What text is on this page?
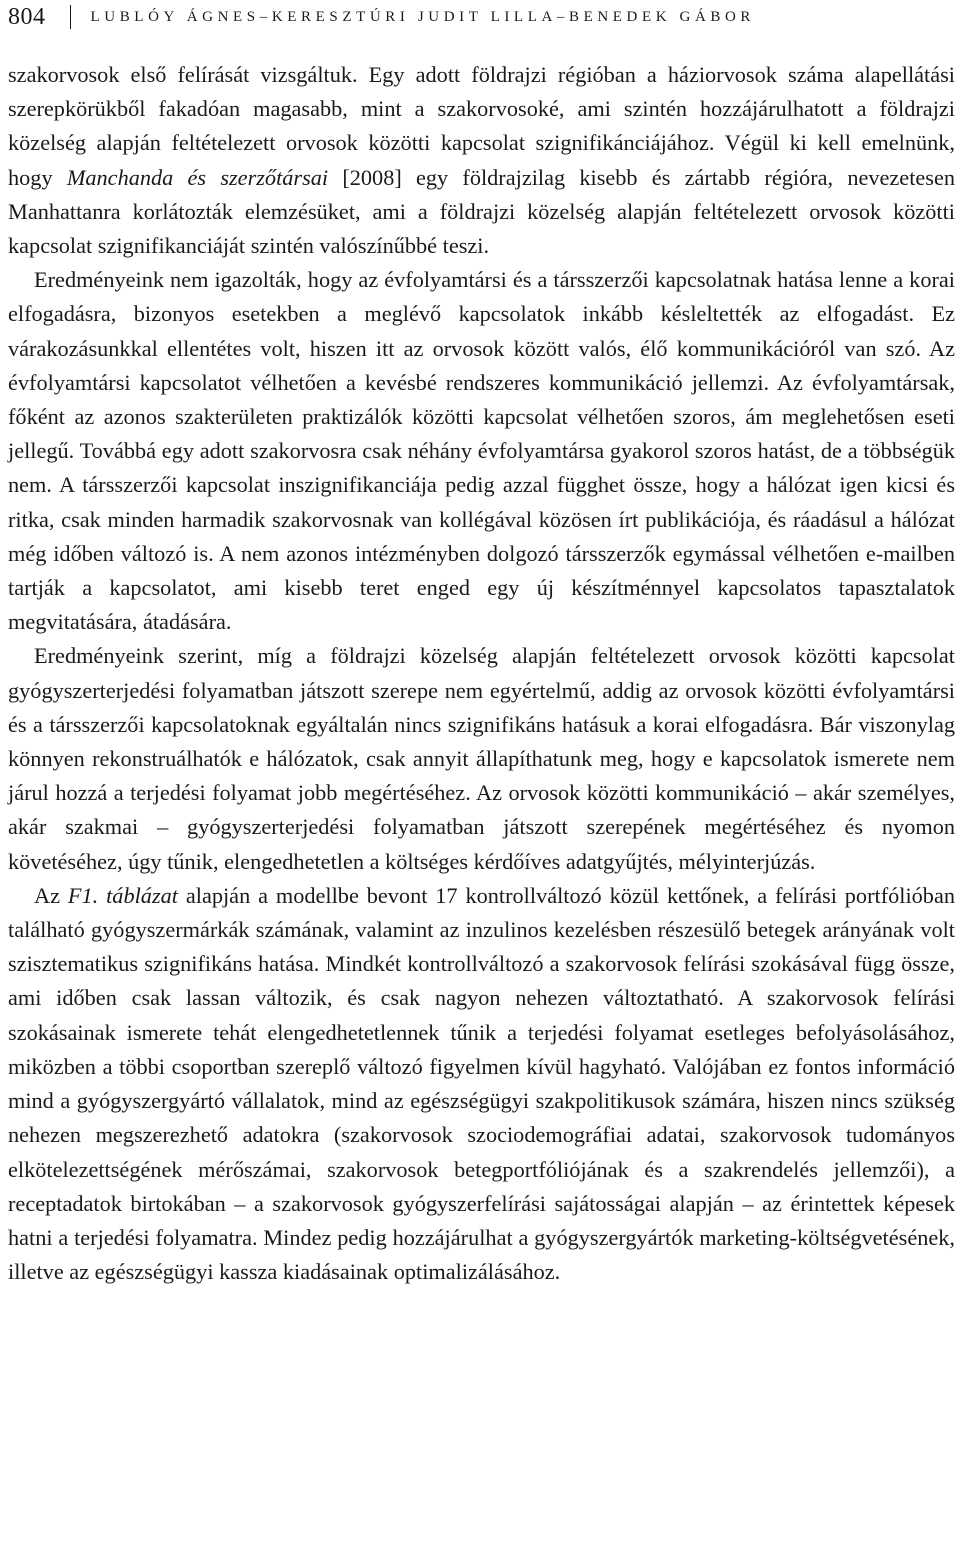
804	LUBLÓY ÁGNES–KERESZTÚRI JUDIT LILLA–BENEDEK GÁBOR

szakorvosok első felírását vizsgáltuk. Egy adott földrajzi régióban a háziorvosok száma alapellátási szerepkörükből fakadóan magasabb, mint a szakorvosoké, ami szintén hozzájárulhatott a földrajzi közelség alapján feltételezett orvosok közötti kapcsolat szignifikánciájához. Végül ki kell emelnünk, hogy Manchanda és szerzőtársai [2008] egy földrajzilag kisebb és zártabb régióra, nevezetesen Manhattanra korlátozták elemzésüket, ami a földrajzi közelség alapján feltételezett orvosok közötti kapcsolat szignifikanciáját szintén valószínűbbé teszi.

Eredményeink nem igazolták, hogy az évfolyamtársi és a társszerzői kapcsolatnak hatása lenne a korai elfogadásra, bizonyos esetekben a meglévő kapcsolatok inkább késleltették az elfogadást. Ez várakozásunkkal ellentétes volt, hiszen itt az orvosok között valós, élő kommunikációról van szó. Az évfolyamtársi kapcsolatot vélhetően a kevésbé rendszeres kommunikáció jellemzi. Az évfolyamtársak, főként az azonos szakterületen praktizálók közötti kapcsolat vélhetően szoros, ám meglehetősen eseti jellegű. Továbbá egy adott szakorvosra csak néhány évfolyamtársa gyakorol szoros hatást, de a többségük nem. A társszerzői kapcsolat inszignifikanciája pedig azzal függhet össze, hogy a hálózat igen kicsi és ritka, csak minden harmadik szakorvosnak van kollégával közösen írt publikációja, és ráadásul a hálózat még időben változó is. A nem azonos intézményben dolgozó társszerzők egymással vélhetően e-mailben tartják a kapcsolatot, ami kisebb teret enged egy új készítménnyel kapcsolatos tapasztalatok megvitatására, átadására.

Eredményeink szerint, míg a földrajzi közelség alapján feltételezett orvosok közötti kapcsolat gyógyszerterjedési folyamatban játszott szerepe nem egyértelmű, addig az orvosok közötti évfolyamtársi és a társszerzői kapcsolatoknak egyáltalán nincs szignifikáns hatásuk a korai elfogadásra. Bár viszonylag könnyen rekonstruálhatók e hálózatok, csak annyit állapíthatunk meg, hogy e kapcsolatok ismerete nem járul hozzá a terjedési folyamat jobb megértéséhez. Az orvosok közötti kommunikáció – akár személyes, akár szakmai – gyógyszerterjedési folyamatban játszott szerepének megértéséhez és nyomon követéséhez, úgy tűnik, elengedhetetlen a költséges kérdőíves adatgyűjtés, mélyinterjúzás.

Az F1. táblázat alapján a modellbe bevont 17 kontrollváltozó közül kettőnek, a felírási portfólióban található gyógyszermárkák számának, valamint az inzulinos kezelésben részesülő betegek arányának volt szisztematikus szignifikáns hatása. Mindkét kontrollváltozó a szakorvosok felírási szokásával függ össze, ami időben csak lassan változik, és csak nagyon nehezen változtatható. A szakorvosok felírási szokásainak ismerete tehát elengedhetetlennek tűnik a terjedési folyamat esetleges befolyásolásához, miközben a többi csoportban szereplő változó figyelmen kívül hagyható. Valójában ez fontos információ mind a gyógyszergyártó vállalatok, mind az egészségügyi szakpolitikusok számára, hiszen nincs szükség nehezen megszerezhető adatokra (szakorvosok szociodemográfiai adatai, szakorvosok tudományos elkötelezettségének mérőszámai, szakorvosok betegportfóliójának és a szakrendelés jellemzői), a receptadatok birtokában – a szakorvosok gyógyszerfelírási sajátosságai alapján – az érintettek képesek hatni a terjedési folyamatra. Mindez pedig hozzájárulhat a gyógyszergyártók marketing-költségvetésének, illetve az egészségügyi kassza kiadásainak optimalizálásához.
